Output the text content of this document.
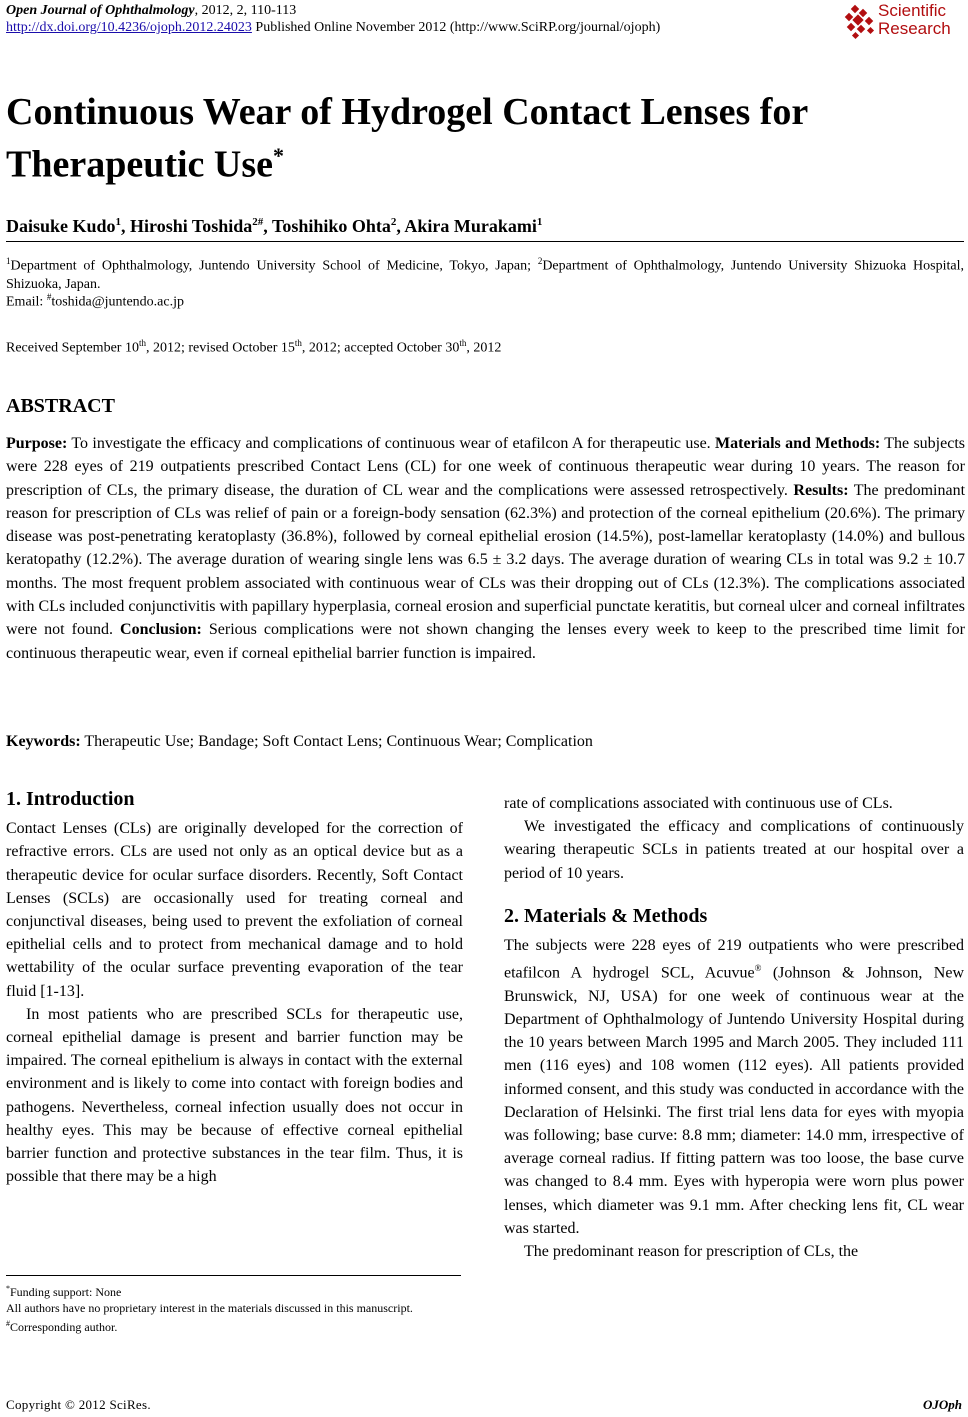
Open Journal of Ophthalmology, 2012, 2, 110-113
http://dx.doi.org/10.4236/ojoph.2012.24023 Published Online November 2012 (http://www.SciRP.org/journal/ojoph)
Scientific
Research
Continuous Wear of Hydrogel Contact Lenses for Therapeutic Use*
Daisuke Kudo$^1$, Hiroshi Toshida$^{2\#}$, Toshihiko Ohta$^2$, Akira Murakami$^1$
$^1$Department of Ophthalmology, Juntendo University School of Medicine, Tokyo, Japan; $^2$Department of Ophthalmology, Juntendo University Shizuoka Hospital, Shizuoka, Japan.
Email: #toshida@juntendo.ac.jp
Received September 10th, 2012; revised October 15th, 2012; accepted October 30th, 2012
ABSTRACT
Purpose: To investigate the efficacy and complications of continuous wear of etafilcon A for therapeutic use. Materials and Methods: The subjects were 228 eyes of 219 outpatients prescribed Contact Lens (CL) for one week of continuous therapeutic wear during 10 years. The reason for prescription of CLs, the primary disease, the duration of CL wear and the complications were assessed retrospectively. Results: The predominant reason for prescription of CLs was relief of pain or a foreign-body sensation (62.3%) and protection of the corneal epithelium (20.6%). The primary disease was post-penetrating keratoplasty (36.8%), followed by corneal epithelial erosion (14.5%), post-lamellar keratoplasty (14.0%) and bullous keratopathy (12.2%). The average duration of wearing single lens was 6.5 ± 3.2 days. The average duration of wearing CLs in total was 9.2 ± 10.7 months. The most frequent problem associated with continuous wear of CLs was their dropping out of CLs (12.3%). The complications associated with CLs included conjunctivitis with papillary hyperplasia, corneal erosion and superficial punctate keratitis, but corneal ulcer and corneal infiltrates were not found. Conclusion: Serious complications were not shown changing the lenses every week to keep to the prescribed time limit for continuous therapeutic wear, even if corneal epithelial barrier function is impaired.
Keywords: Therapeutic Use; Bandage; Soft Contact Lens; Continuous Wear; Complication
1. Introduction

Contact Lenses (CLs) are originally developed for the correction of refractive errors. CLs are used not only as an optical device but as a therapeutic device for ocular surface disorders. Recently, Soft Contact Lenses (SCLs) are occasionally used for treating corneal and conjunctival diseases, being used to prevent the exfoliation of corneal epithelial cells and to protect from mechanical damage and to hold wettability of the ocular surface preventing evaporation of the tear fluid [1-13].

In most patients who are prescribed SCLs for therapeutic use, corneal epithelial damage is present and barrier function may be impaired. The corneal epithelium is always in contact with the external environment and is likely to come into contact with foreign bodies and pathogens. Nevertheless, corneal infection usually does not occur in healthy eyes. This may be because of effective corneal epithelial barrier function and protective substances in the tear film. Thus, it is possible that there may be a high

rate of complications associated with continuous use of CLs.

We investigated the efficacy and complications of continuously wearing therapeutic SCLs in patients treated at our hospital over a period of 10 years.

2. Materials & Methods

The subjects were 228 eyes of 219 outpatients who were prescribed etafilcon A hydrogel SCL, Acuvue® (Johnson & Johnson, New Brunswick, NJ, USA) for one week of continuous wear at the Department of Ophthalmology of Juntendo University Hospital during the 10 years between March 1995 and March 2005. They included 111 men (116 eyes) and 108 women (112 eyes). All patients provided informed consent, and this study was conducted in accordance with the Declaration of Helsinki. The first trial lens data for eyes with myopia was following; base curve: 8.8 mm; diameter: 14.0 mm, irrespective of average corneal radius. If fitting pattern was too loose, the base curve was changed to 8.4 mm. Eyes with hyperopia were worn plus power lenses, which diameter was 9.1 mm. After checking lens fit, CL wear was started.

The predominant reason for prescription of CLs, the

*Funding support: None
All authors have no proprietary interest in the materials discussed in this manuscript.
#Corresponding author.
Copyright © 2012 SciRes.	OJOph
